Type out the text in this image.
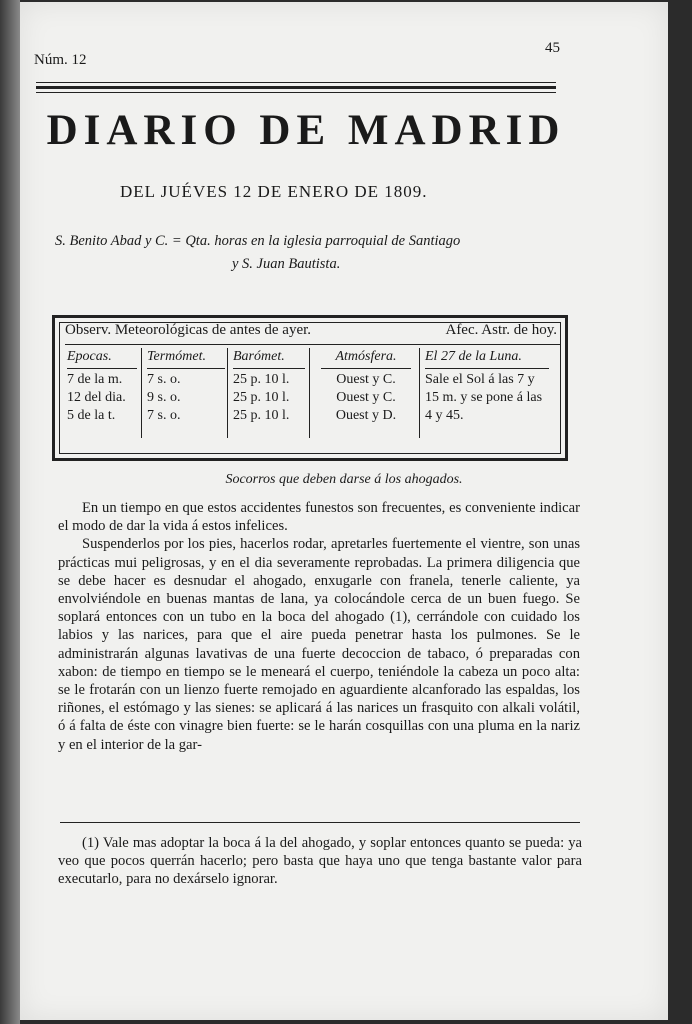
Núm. 12
45
DIARIO DE MADRID
DEL JUÉVES 12 DE ENERO DE 1809.
S. Benito Abad y C. = Qta. horas en la iglesia parroquial de Santiago
y S. Juan Bautista.
Observ. Meteorológicas de antes de ayer.	Afec. Astr. de hoy.
Epocas.
7 de la m.
12 del dia.
5 de la t.
Termómet.
7 s. o.
9 s. o.
7 s. o.
Barómet.
25 p. 10 l.
25 p. 10 l.
25 p. 10 l.
Atmósfera.
Ouest y C.
Ouest y C.
Ouest y D.
El 27 de la Luna.
Sale el Sol á las 7 y 15 m. y se pone á las 4 y 45.
Socorros que deben darse á los ahogados.

En un tiempo en que estos accidentes funestos son frecuentes, es conveniente indicar el modo de dar la vida á estos infelices.

Suspenderlos por los pies, hacerlos rodar, apretarles fuertemente el vientre, son unas prácticas mui peligrosas, y en el dia severamente reprobadas. La primera diligencia que se debe hacer es desnudar el ahogado, enxugarle con franela, tenerle caliente, ya envolviéndole en buenas mantas de lana, ya colocándole cerca de un buen fuego. Se soplará entonces con un tubo en la boca del ahogado (1), cerrándole con cuidado los labios y las narices, para que el aire pueda penetrar hasta los pulmones. Se le administrarán algunas lavativas de una fuerte decoccion de tabaco, ó preparadas con xabon: de tiempo en tiempo se le meneará el cuerpo, teniéndole la cabeza un poco alta: se le frotarán con un lienzo fuerte remojado en aguardiente alcanforado las espaldas, los riñones, el estómago y las sienes: se aplicará á las narices un frasquito con alkali volátil, ó á falta de éste con vinagre bien fuerte: se le harán cosquillas con una pluma en la nariz y en el interior de la gar-

(1) Vale mas adoptar la boca á la del ahogado, y soplar entonces quanto se pueda: ya veo que pocos querrán hacerlo; pero basta que haya uno que tenga bastante valor para executarlo, para no dexárselo ignorar.
